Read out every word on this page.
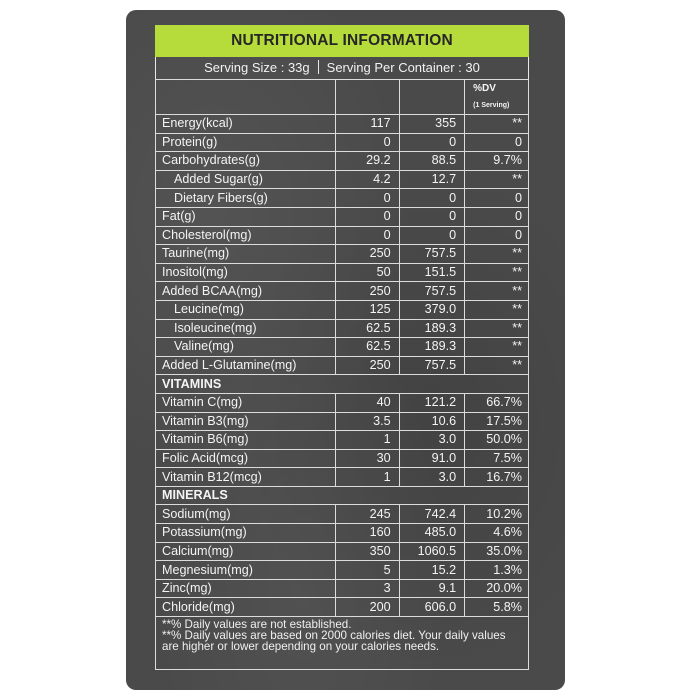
NUTRITIONAL INFORMATION
Serving Size : 33g Serving Per Container : 30

			%DV
(1 Serving)

Energy(kcal)	117	355	**
Protein(g)	0	0	0
Carbohydrates(g)	29.2	88.5	9.7%
Added Sugar(g)	4.2	12.7	**
Dietary Fibers(g)	0	0	0
Fat(g)	0	0	0
Cholesterol(mg)	0	0	0
Taurine(mg)	250	757.5	**
Inositol(mg)	50	151.5	**
Added BCAA(mg)	250	757.5	**
Leucine(mg)	125	379.0	**
Isoleucine(mg)	62.5	189.3	**
Valine(mg)	62.5	189.3	**
Added L-Glutamine(mg)	250	757.5	**
VITAMINS			
Vitamin C(mg)	40	121.2	66.7%
Vitamin B3(mg)	3.5	10.6	17.5%
Vitamin B6(mg)	1	3.0	50.0%
Folic Acid(mcg)	30	91.0	7.5%
Vitamin B12(mcg)	1	3.0	16.7%
MINERALS			
Sodium(mg)	245	742.4	10.2%
Potassium(mg)	160	485.0	4.6%
Calcium(mg)	350	1060.5	35.0%
Megnesium(mg)	5	15.2	1.3%
Zinc(mg)	3	9.1	20.0%
Chloride(mg)	200	606.0	5.8%
**% Daily values are not established.
**% Daily values are based on 2000 calories diet. Your daily values are higher or lower depending on your calories needs.
